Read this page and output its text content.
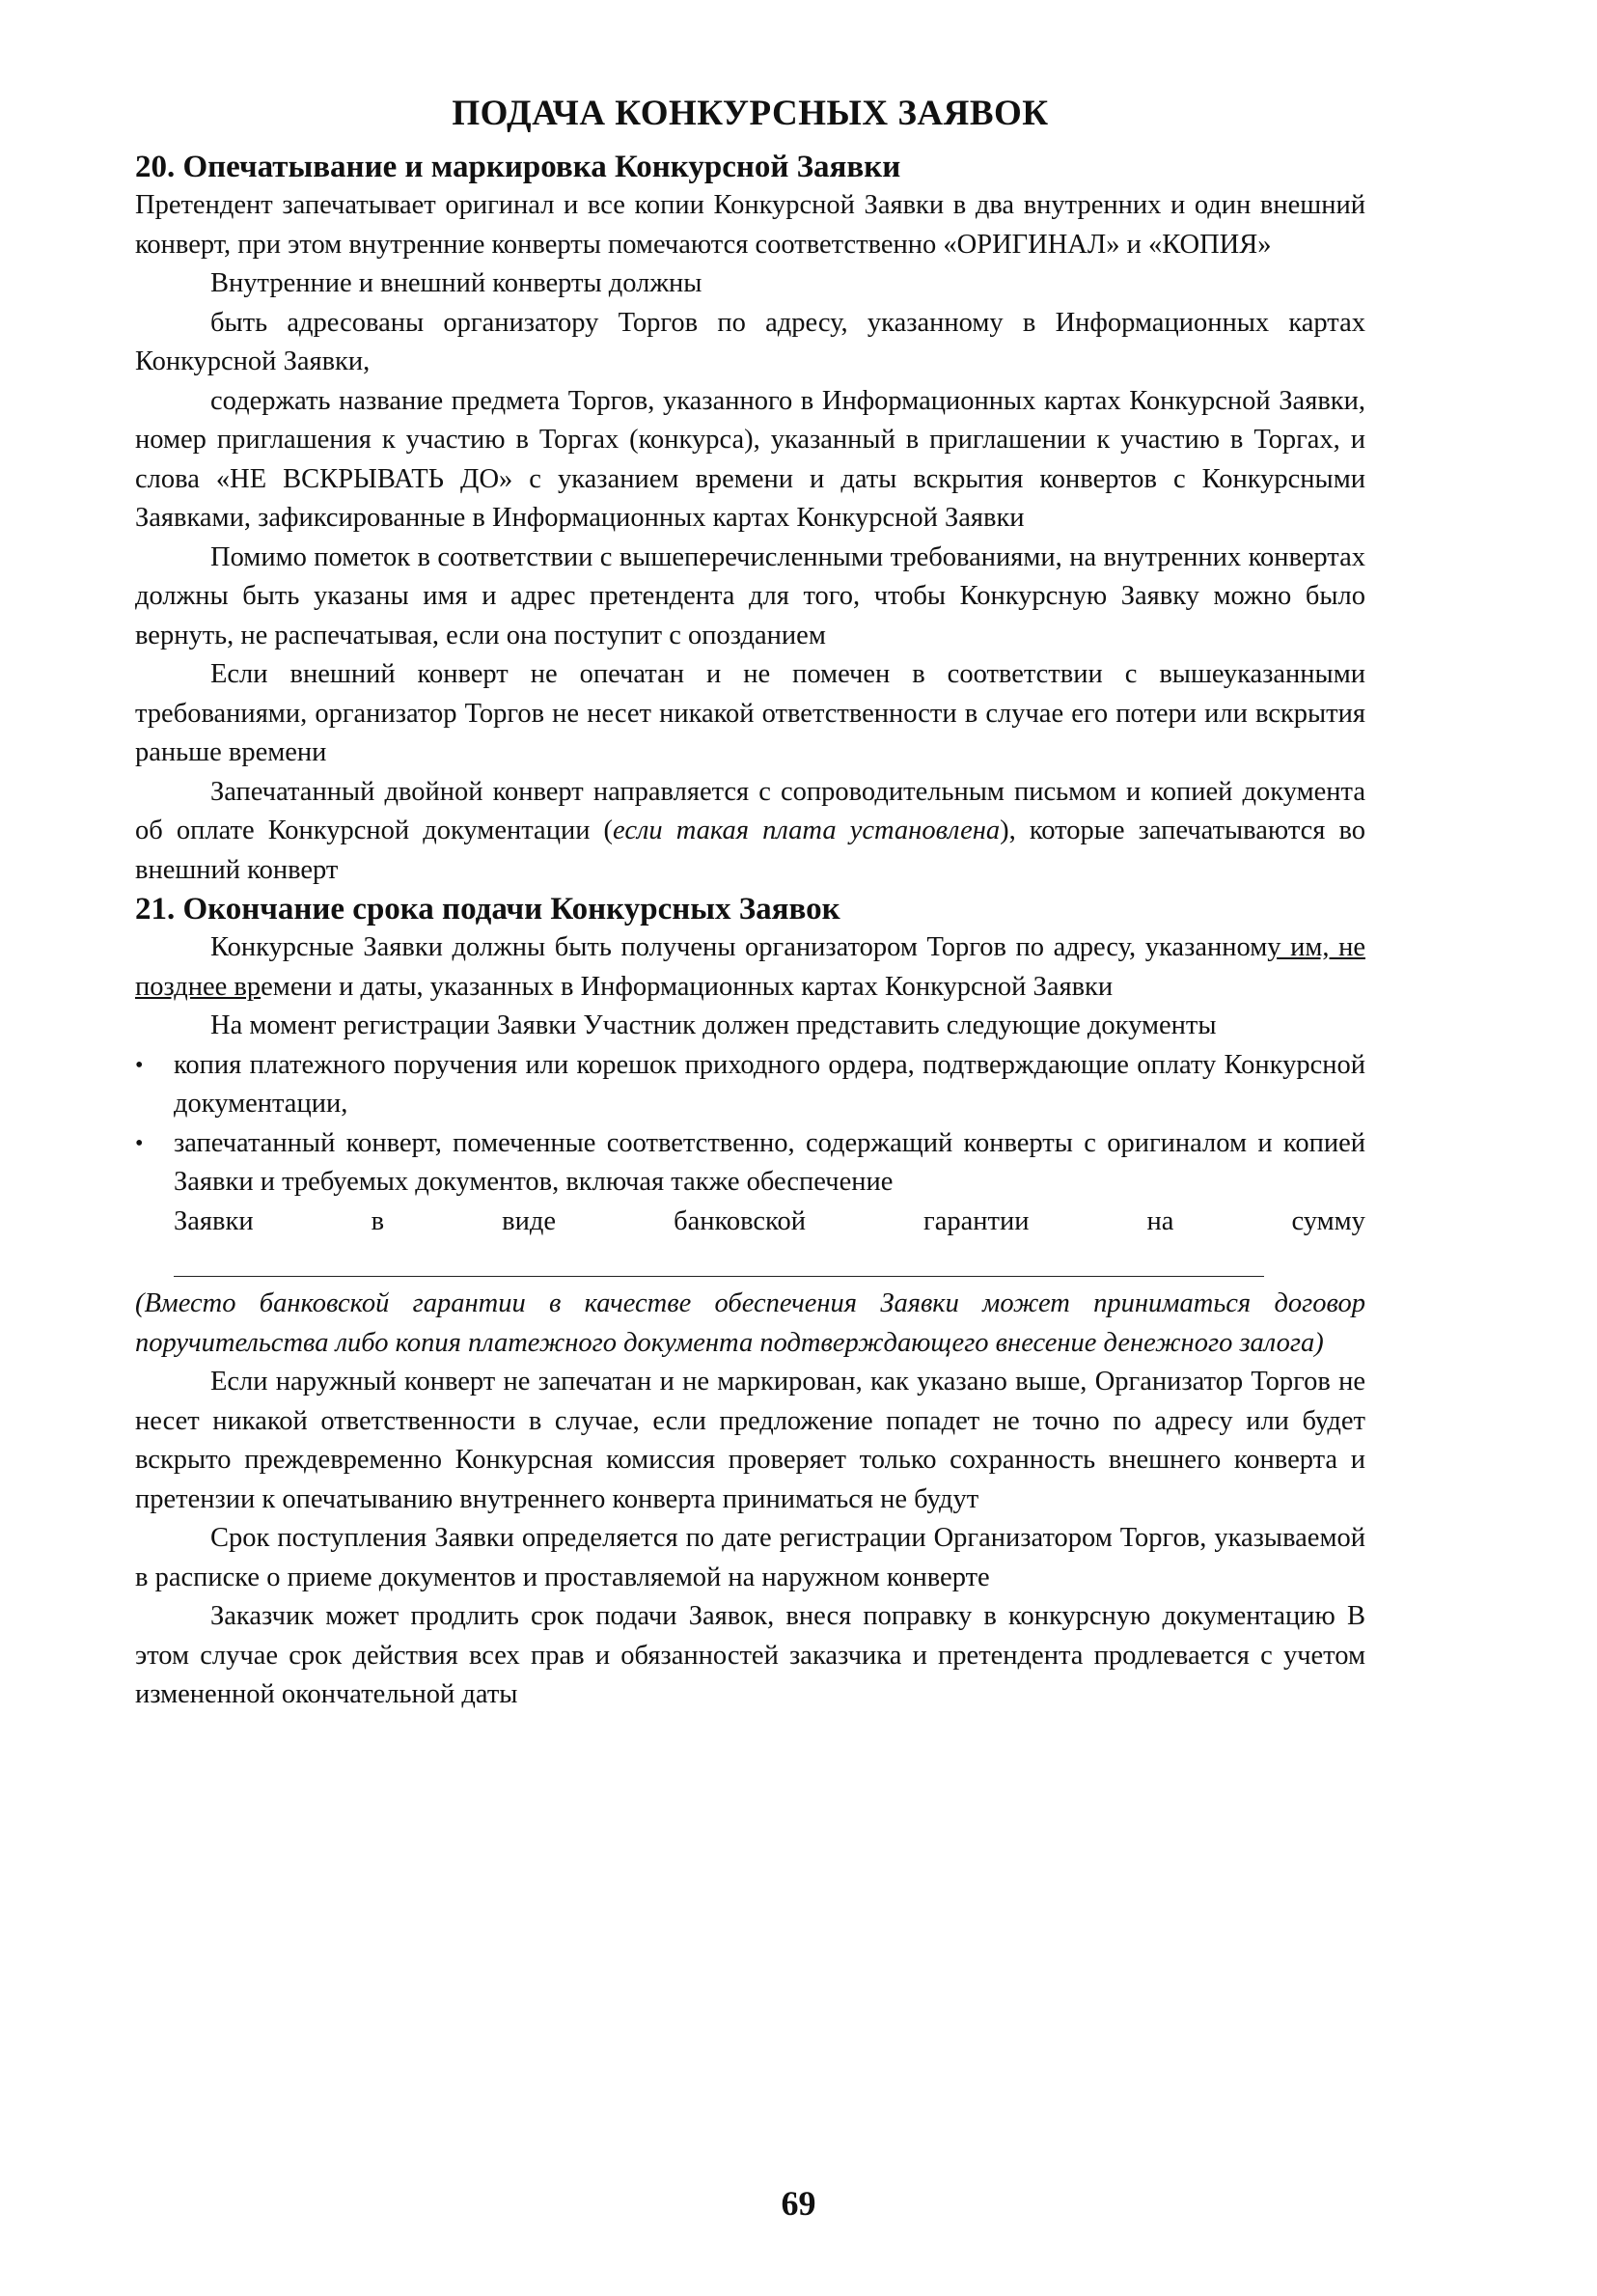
ПОДАЧА КОНКУРСНЫХ ЗАЯВОК
20. Опечатывание и маркировка Конкурсной Заявки

Претендент запечатывает оригинал и все копии Конкурсной Заявки в два внутренних и один внешний конверт, при этом внутренние конверты помечаются соответственно «ОРИГИНАЛ» и «КОПИЯ»

Внутренние и внешний конверты должны

быть адресованы организатору Торгов по адресу, указанному в Информационных картах Конкурсной Заявки,

содержать название предмета Торгов, указанного в Информационных картах Конкурсной Заявки, номер приглашения к участию в Торгах (конкурса), указанный в приглашении к участию в Торгах, и слова «НЕ ВСКРЫВАТЬ ДО» с указанием времени и даты вскрытия конвертов с Конкурсными Заявками, зафиксированные в Информационных картах Конкурсной Заявки

Помимо пометок в соответствии с вышеперечисленными требованиями, на внутренних конвертах должны быть указаны имя и адрес претендента для того, чтобы Конкурсную Заявку можно было вернуть, не распечатывая, если она поступит с опозданием

Если внешний конверт не опечатан и не помечен в соответствии с вышеуказанными требованиями, организатор Торгов не несет никакой ответственности в случае его потери или вскрытия раньше времени

Запечатанный двойной конверт направляется с сопроводительным письмом и копией документа об оплате Конкурсной документации (если такая плата установлена), которые запечатываются во внешний конверт

21. Окончание срока подачи Конкурсных Заявок

Конкурсные Заявки должны быть получены организатором Торгов по адресу, указанному им, не позднее времени и даты, указанных в Информационных картах Конкурсной Заявки

На момент регистрации Заявки Участник должен представить следующие документы

•	копия платежного поручения или корешок приходного ордера, подтверждающие оплату Конкурсной документации,
•	запечатанный конверт, помеченные соответственно, содержащий конверты с оригиналом и копией Заявки и требуемых документов, включая также обеспечение
Заявки	в	виде	банковской	гарантии	на	сумму

(Вместо банковской гарантии в качестве обеспечения Заявки может приниматься договор поручительства либо копия платежного документа подтверждающего внесение денежного залога)

Если наружный конверт не запечатан и не маркирован, как указано выше, Организатор Торгов не несет никакой ответственности в случае, если предложение попадет не точно по адресу или будет вскрыто преждевременно Конкурсная комиссия проверяет только сохранность внешнего конверта и претензии к опечатыванию внутреннего конверта приниматься не будут

Срок поступления Заявки определяется по дате регистрации Организатором Торгов, указываемой в расписке о приеме документов и проставляемой на наружном конверте

Заказчик может продлить срок подачи Заявок, внеся поправку в конкурсную документацию В этом случае срок действия всех прав и обязанностей заказчика и претендента продлевается с учетом измененной окончательной даты

69
